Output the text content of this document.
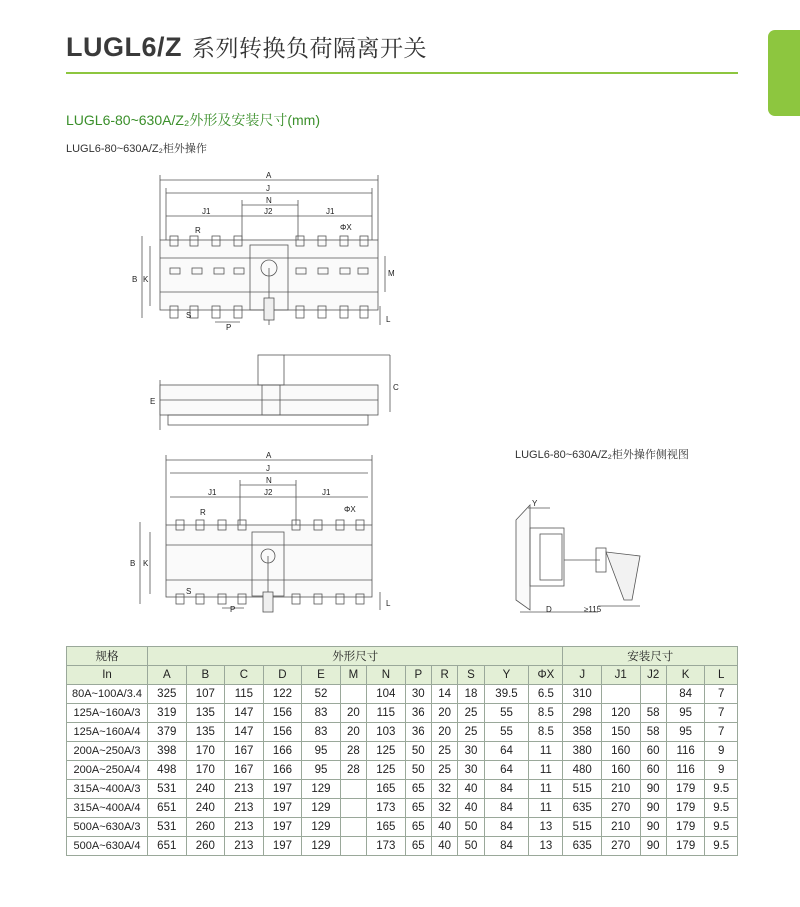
LUGL6/Z 系列转换负荷隔离开关
LUGL6-80~630A/Z₂外形及安装尺寸(mm)
LUGL6-80~630A/Z₂柜外操作
LUGL6-80~630A/Z₂柜外操作侧视图
A
J
N
J1	J2	J1
R	ΦX
B K
M
S
P
L
E
C
A
J
N
J1	J2	J1
R	ΦX
B K
S
P
L
Y
D	≥115
规格	外形尺寸												安装尺寸				
In	A	B	C	D	E	M	N	P	R	S	Y	ΦX	J	J1	J2	K	L
80A~100A/3.4	325	107	115	122	52		104	30	14	18	39.5	6.5	310			84	7
125A~160A/3	319	135	147	156	83	20	115	36	20	25	55	8.5	298	120	58	95	7
125A~160A/4	379	135	147	156	83	20	103	36	20	25	55	8.5	358	150	58	95	7
200A~250A/3	398	170	167	166	95	28	125	50	25	30	64	11	380	160	60	116	9
200A~250A/4	498	170	167	166	95	28	125	50	25	30	64	11	480	160	60	116	9
315A~400A/3	531	240	213	197	129		165	65	32	40	84	11	515	210	90	179	9.5
315A~400A/4	651	240	213	197	129		173	65	32	40	84	11	635	270	90	179	9.5
500A~630A/3	531	260	213	197	129		165	65	40	50	84	13	515	210	90	179	9.5
500A~630A/4	651	260	213	197	129		173	65	40	50	84	13	635	270	90	179	9.5
